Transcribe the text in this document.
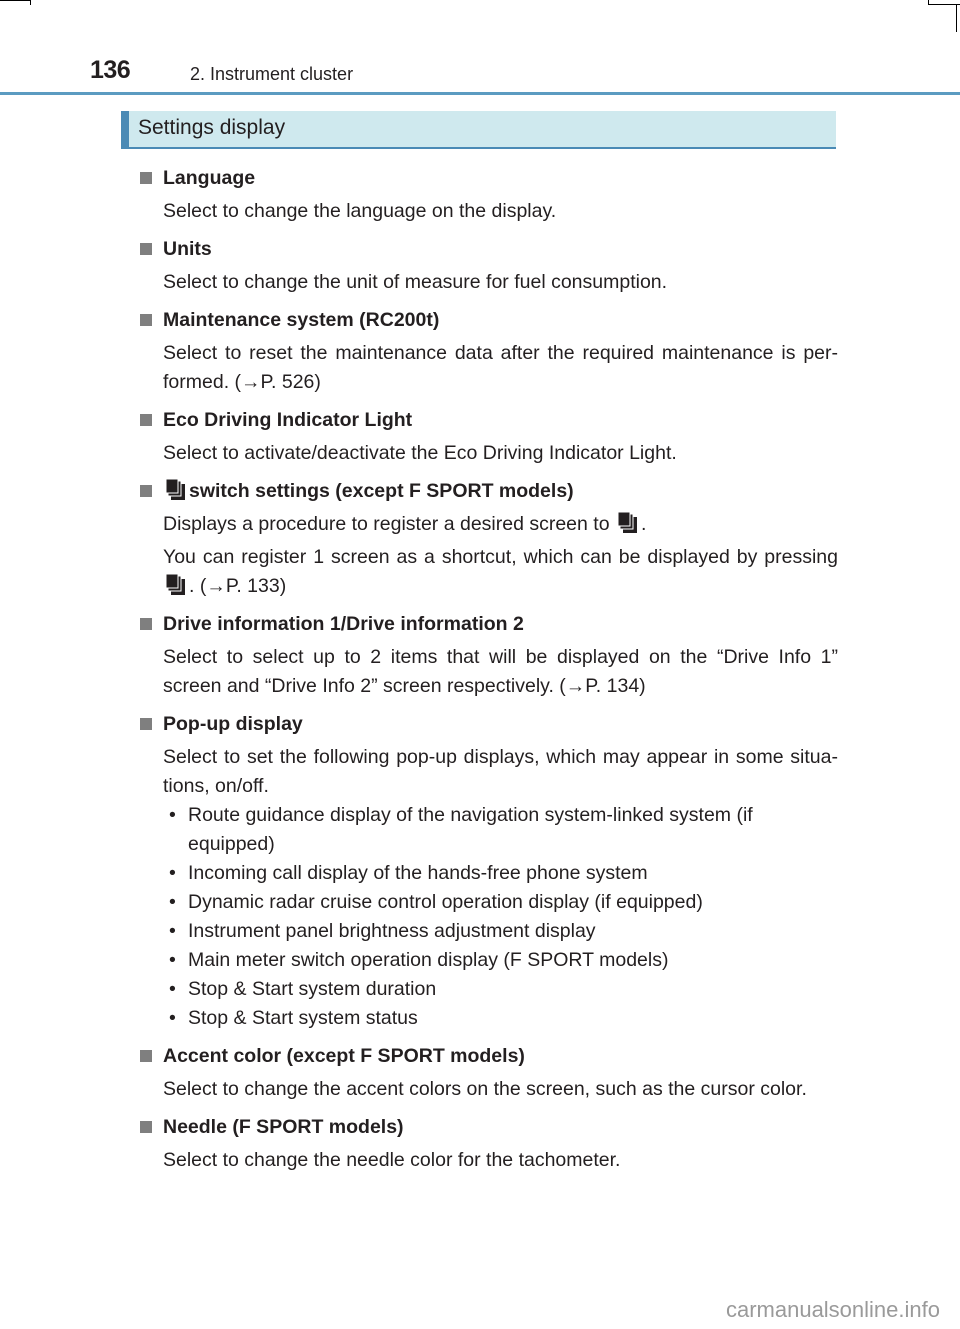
136	2. Instrument cluster
Settings display
Language
Select to change the language on the display.
Units
Select to change the unit of measure for fuel consumption.
Maintenance system (RC200t)
Select to reset the maintenance data after the required maintenance is per-formed. (→P. 526)
Eco Driving Indicator Light
Select to activate/deactivate the Eco Driving Indicator Light.
switch settings (except F SPORT models)
Displays a procedure to register a desired screen to .
You can register 1 screen as a shortcut, which can be displayed by pressing . (→P. 133)
Drive information 1/Drive information 2
Select to select up to 2 items that will be displayed on the “Drive Info 1” screen and “Drive Info 2” screen respectively. (→P. 134)
Pop-up display
Select to set the following pop-up displays, which may appear in some situa-tions, on/off.
• Route guidance display of the navigation system-linked system (if equipped)
• Incoming call display of the hands-free phone system
• Dynamic radar cruise control operation display (if equipped)
• Instrument panel brightness adjustment display
• Main meter switch operation display (F SPORT models)
• Stop & Start system duration
• Stop & Start system status
Accent color (except F SPORT models)
Select to change the accent colors on the screen, such as the cursor color.
Needle (F SPORT models)
Select to change the needle color for the tachometer.
carmanualsonline.info
